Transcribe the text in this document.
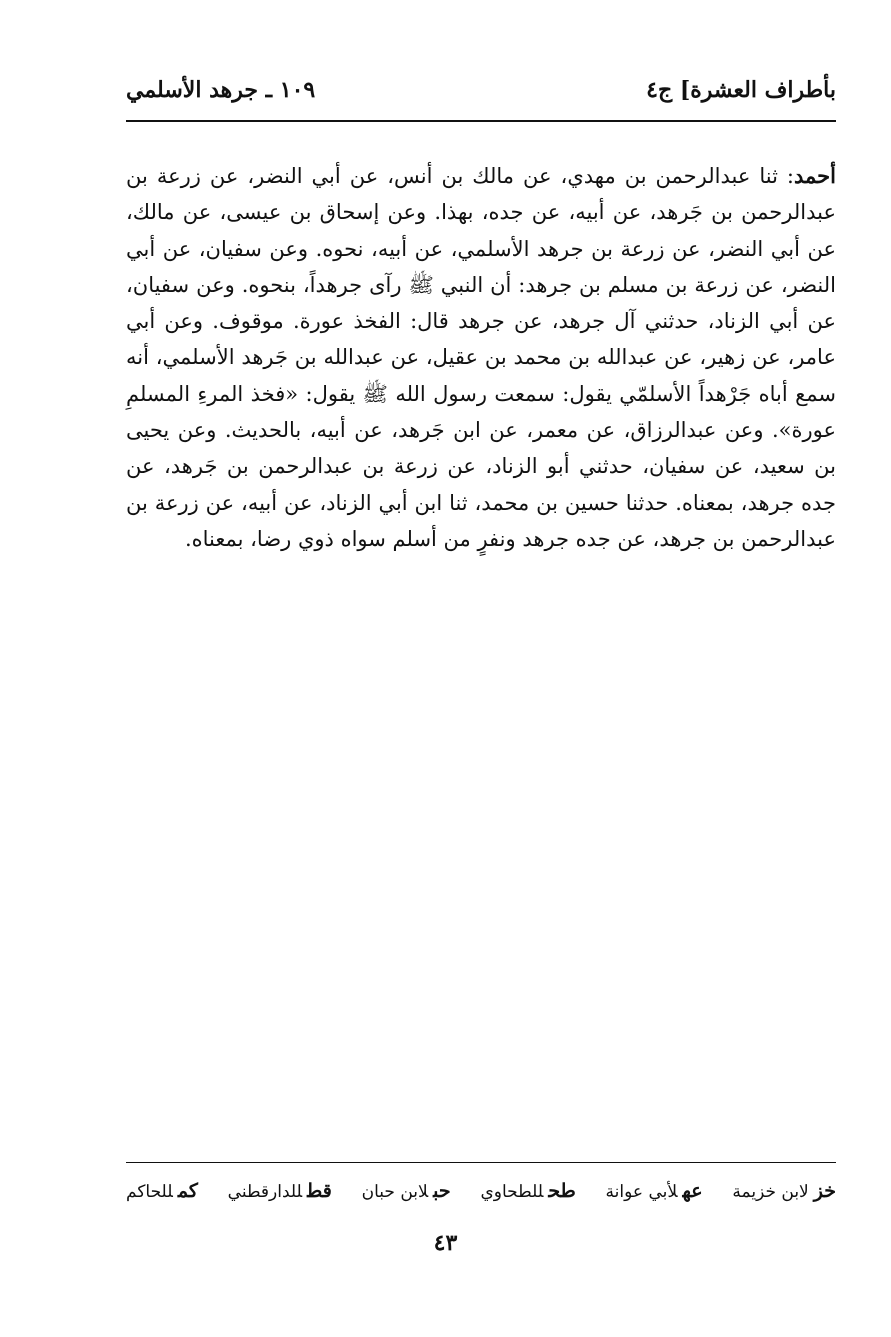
بأطراف العشرة] ج٤
١٠٩ ـ جرهد الأسلمي

أحمد: ثنا عبدالرحمن بن مهدي، عن مالك بن أنس، عن أبي النضر، عن زرعة بن عبدالرحمن بن جَرهد، عن أبيه، عن جده، بهذا. وعن إسحاق بن عيسى، عن مالك، عن أبي النضر، عن زرعة بن جرهد الأسلمي، عن أبيه، نحوه. وعن سفيان، عن أبي النضر، عن زرعة بن مسلم بن جرهد: أن النبي ﷺ رآى جرهداً، بنحوه. وعن سفيان، عن أبي الزناد، حدثني آل جرهد، عن جرهد قال: الفخذ عورة. موقوف. وعن أبي عامر، عن زهير، عن عبدالله بن محمد بن عقيل، عن عبدالله بن جَرهد الأسلمي، أنه سمع أباه جَرْهداً الأسلمّي يقول: سمعت رسول الله ﷺ يقول: «فخذ المرءِ المسلمِ عورة». وعن عبدالرزاق، عن معمر، عن ابن جَرهد، عن أبيه، بالحديث. وعن يحيى بن سعيد، عن سفيان، حدثني أبو الزناد، عن زرعة بن عبدالرحمن بن جَرهد، عن جده جرهد، بمعناه. حدثنا حسين بن محمد، ثنا ابن أبي الزناد، عن أبيه، عن زرعة بن عبدالرحمن بن جرهد، عن جده جرهد ونفرٍ من أسلم سواه ذوي رضا، بمعناه.

خزلابن خزيمة
عهلأبي عوانة
طحللطحاوي
حبلابن حبان
قطللدارقطني
كمللحاكم
٤٣
